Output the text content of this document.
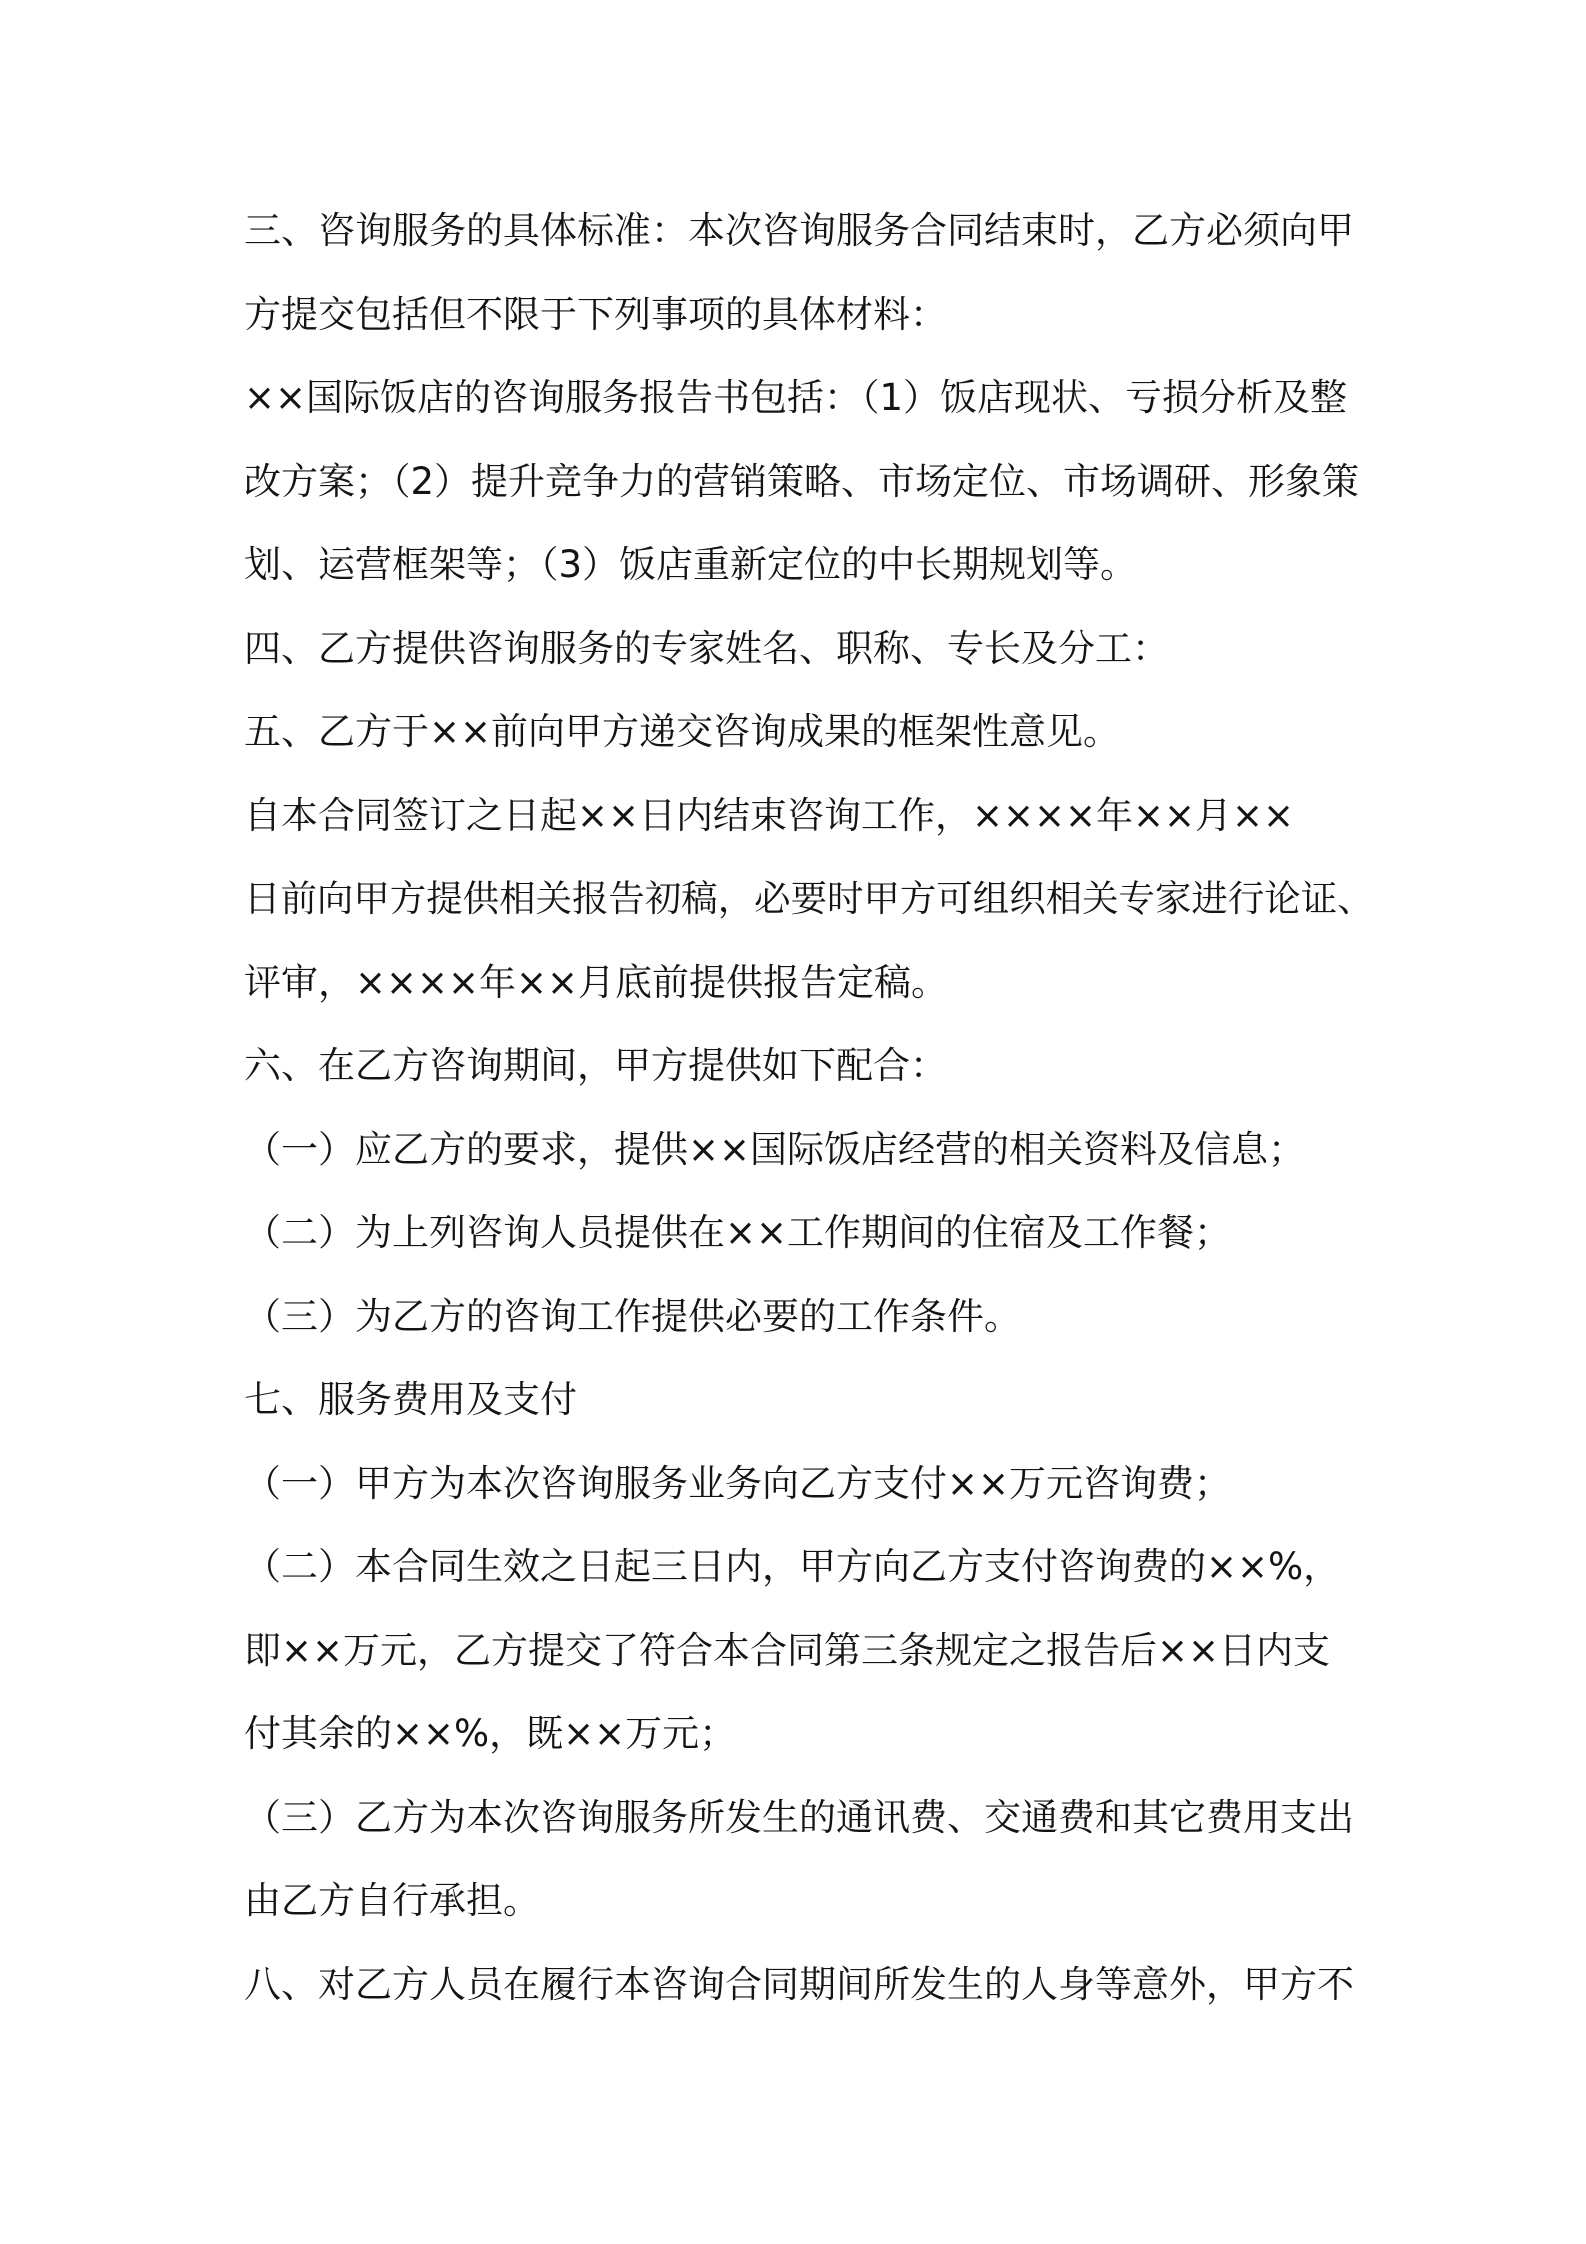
三、咨询服务的具体标准：本次咨询服务合同结束时，乙方必须向甲
方提交包括但不限于下列事项的具体材料：
××国际饭店的咨询服务报告书包括：（1）饭店现状、亏损分析及整
改方案；（2）提升竞争力的营销策略、市场定位、市场调研、形象策
划、运营框架等；（3）饭店重新定位的中长期规划等。
四、乙方提供咨询服务的专家姓名、职称、专长及分工：
五、乙方于××前向甲方递交咨询成果的框架性意见。
自本合同签订之日起××日内结束咨询工作，××××年××月××
日前向甲方提供相关报告初稿，必要时甲方可组织相关专家进行论证、
评审，××××年××月底前提供报告定稿。
六、在乙方咨询期间，甲方提供如下配合：
（一）应乙方的要求，提供××国际饭店经营的相关资料及信息；
（二）为上列咨询人员提供在××工作期间的住宿及工作餐；
（三）为乙方的咨询工作提供必要的工作条件。
七、服务费用及支付
（一）甲方为本次咨询服务业务向乙方支付××万元咨询费；
（二）本合同生效之日起三日内，甲方向乙方支付咨询费的××%，
即××万元，乙方提交了符合本合同第三条规定之报告后××日内支
付其余的××%，既××万元；
（三）乙方为本次咨询服务所发生的通讯费、交通费和其它费用支出
由乙方自行承担。
八、对乙方人员在履行本咨询合同期间所发生的人身等意外，甲方不
